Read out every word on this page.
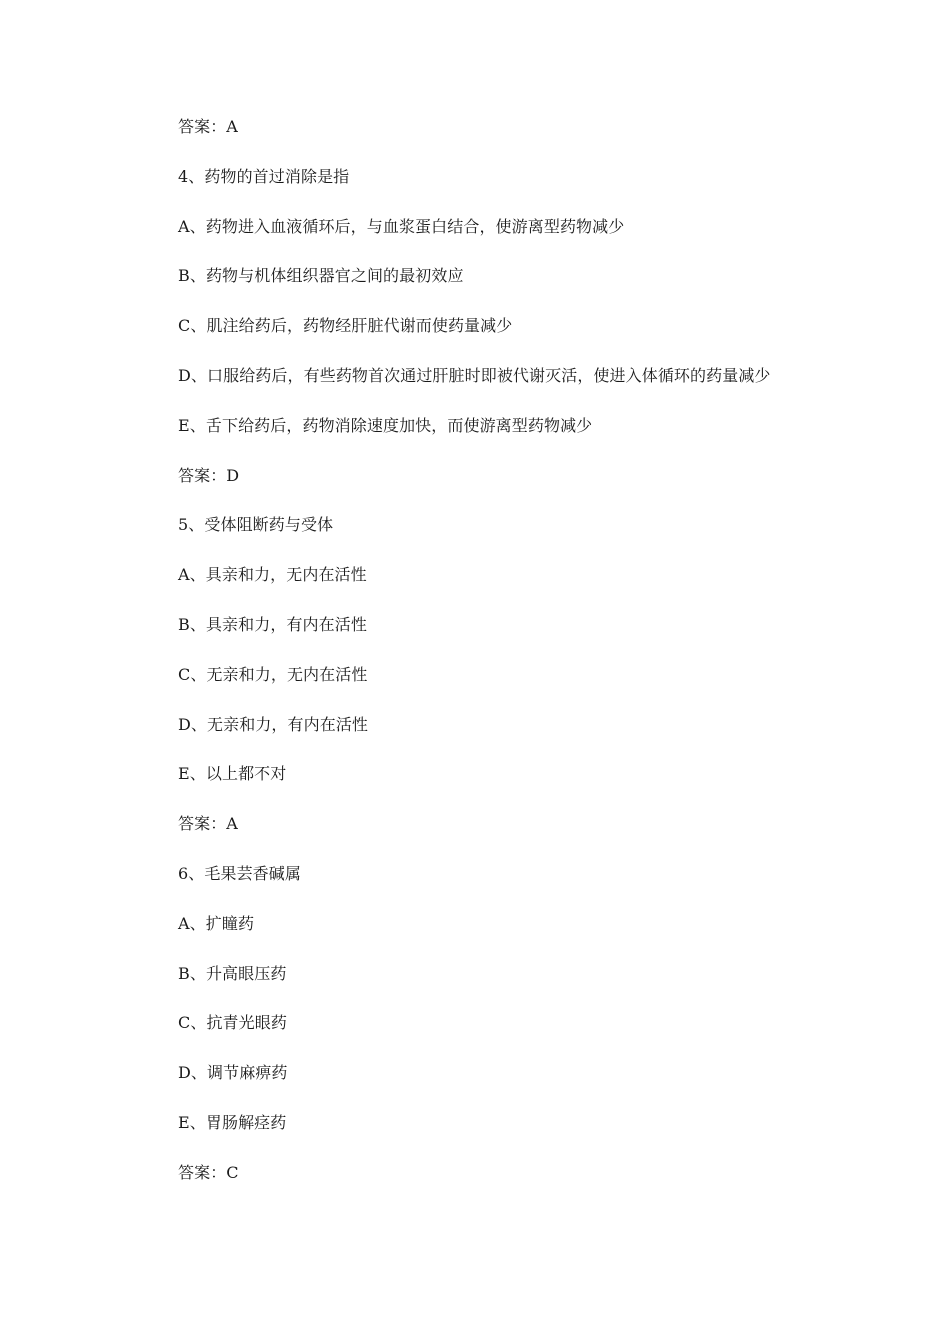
答案：A
4、药物的首过消除是指
A、药物进入血液循环后，与血浆蛋白结合，使游离型药物减少
B、药物与机体组织器官之间的最初效应
C、肌注给药后，药物经肝脏代谢而使药量减少
D、口服给药后，有些药物首次通过肝脏时即被代谢灭活，使进入体循环的药量减少
E、舌下给药后，药物消除速度加快，而使游离型药物减少
答案：D
5、受体阻断药与受体
A、具亲和力，无内在活性
B、具亲和力，有内在活性
C、无亲和力，无内在活性
D、无亲和力，有内在活性
E、以上都不对
答案：A
6、毛果芸香碱属
A、扩瞳药
B、升高眼压药
C、抗青光眼药
D、调节麻痹药
E、胃肠解痉药
答案：C
